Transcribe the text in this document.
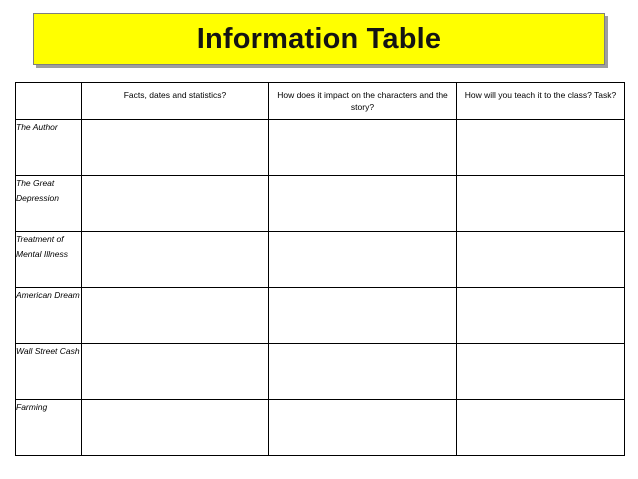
Information Table
	Facts, dates and statistics?	How does it impact on the characters and the story?	How will you teach it to the class? Task?
The Author			
The Great Depression			
Treatment of Mental Illness			
American Dream			
Wall Street Cash			
Farming			
